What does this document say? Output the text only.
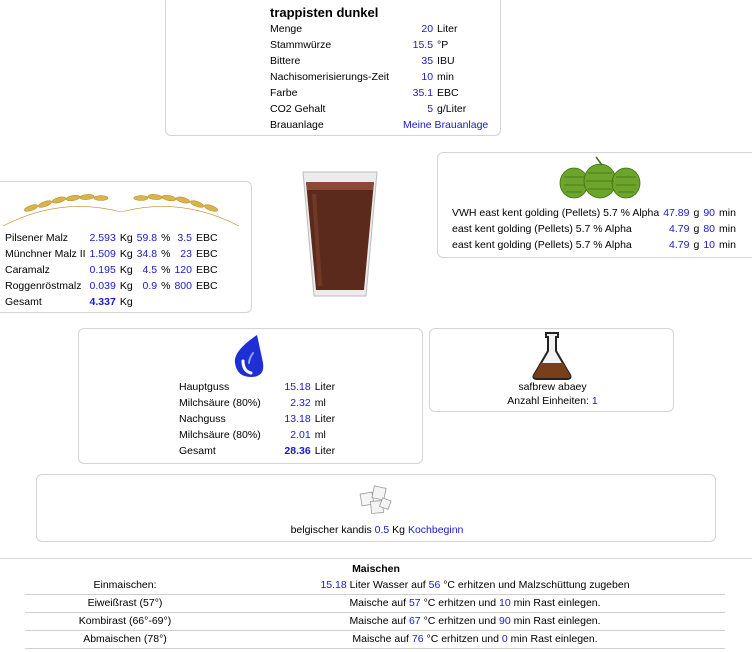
trappisten dunkel
Menge	20	Liter
Stammwürze	15.5	°P
Bittere	35	IBU
Nachisomerisierungs-Zeit	10	min
Farbe	35.1	EBC
CO2 Gehalt	5	g/Liter
Brauanlage	Meine Brauanlage	
Pilsener Malz	2.593	Kg	59.8	%	3.5	EBC
Münchner Malz II	1.509	Kg	34.8	%	23	EBC
Caramalz	0.195	Kg	4.5	%	120	EBC
Roggenröstmalz	0.039	Kg	0.9	%	800	EBC
Gesamt	4.337	Kg				
VWH east kent golding (Pellets) 5.7 % Alpha	47.89	g	90	min
east kent golding (Pellets) 5.7 % Alpha	4.79	g	80	min
east kent golding (Pellets) 5.7 % Alpha	4.79	g	10	min
Hauptguss	15.18	Liter
Milchsäure (80%)	2.32	ml
Nachguss	13.18	Liter
Milchsäure (80%)	2.01	ml
Gesamt	28.36	Liter
safbrew abaey
Anzahl Einheiten: 1
belgischer kandis 0.5 Kg Kochbeginn
Maischen
Einmaischen:	15.18 Liter Wasser auf 56 °C erhitzen und Malzschüttung zugeben
Eiweißrast (57°)	Maische auf 57 °C erhitzen und 10 min Rast einlegen.
Kombirast (66°-69°)	Maische auf 67 °C erhitzen und 90 min Rast einlegen.
Abmaischen (78°)	Maische auf 76 °C erhitzen und 0 min Rast einlegen.
